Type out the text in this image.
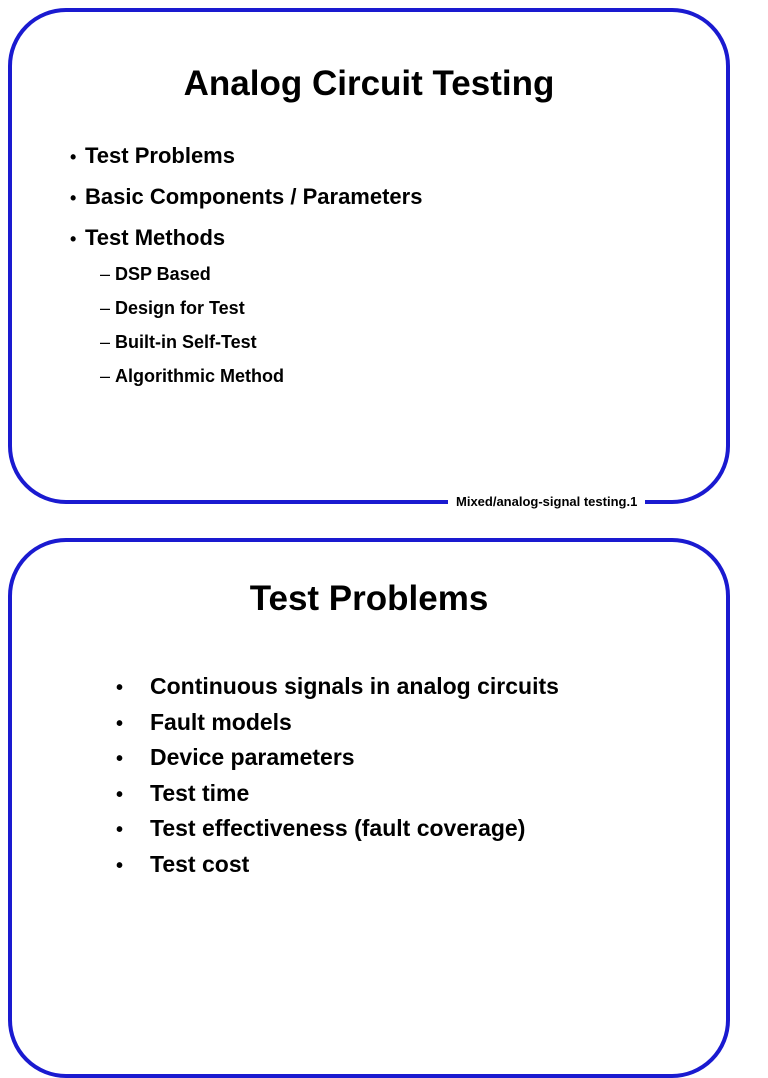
Analog Circuit Testing
• Test Problems
• Basic Components / Parameters
• Test Methods
– DSP Based
– Design for Test
– Built-in Self-Test
– Algorithmic Method
Mixed/analog-signal testing.1
Test Problems
• Continuous signals in analog circuits
• Fault models
• Device parameters
• Test time
• Test effectiveness (fault coverage)
• Test cost
